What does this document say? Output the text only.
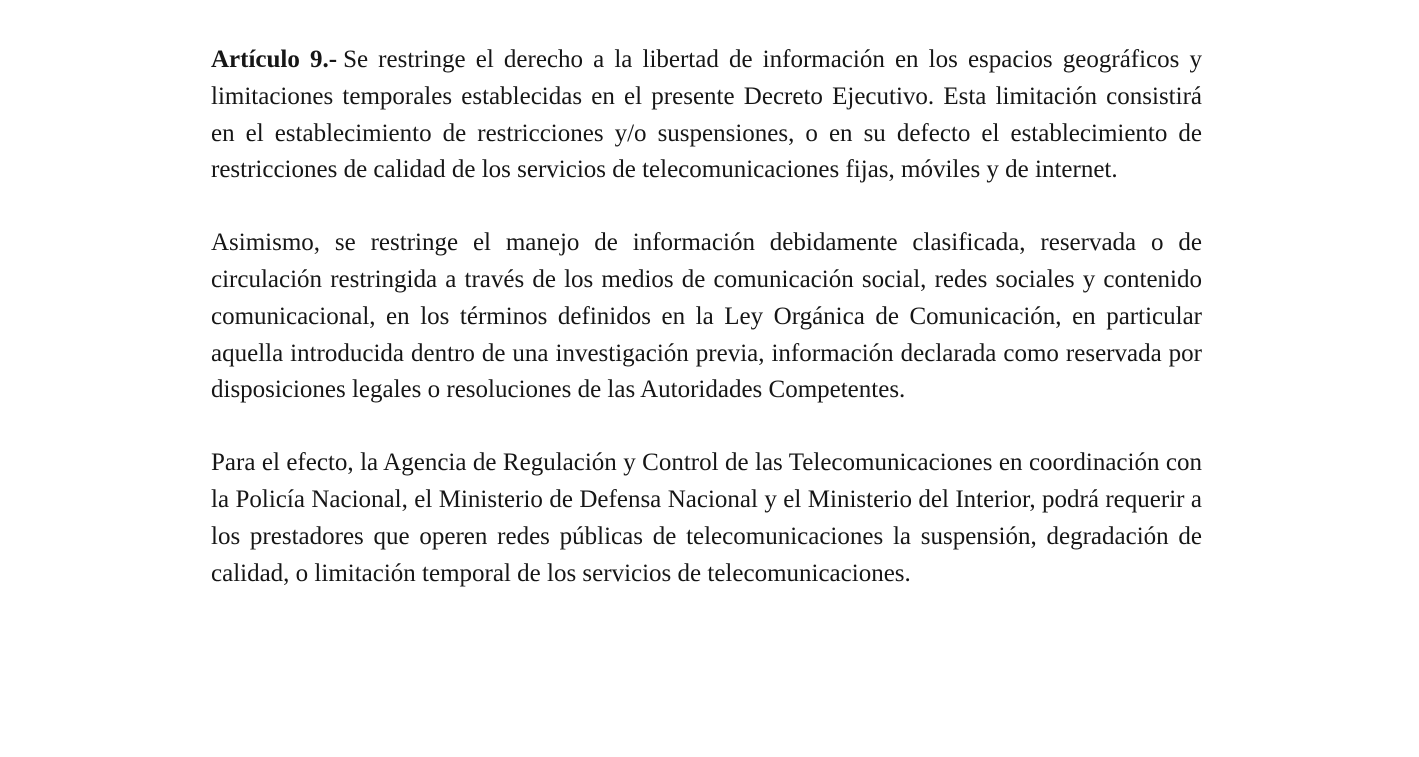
Artículo 9.- Se restringe el derecho a la libertad de información en los espacios geográficos y limitaciones temporales establecidas en el presente Decreto Ejecutivo. Esta limitación consistirá en el establecimiento de restricciones y/o suspensiones, o en su defecto el establecimiento de restricciones de calidad de los servicios de telecomunicaciones fijas, móviles y de internet.

Asimismo, se restringe el manejo de información debidamente clasificada, reservada o de circulación restringida a través de los medios de comunicación social, redes sociales y contenido comunicacional, en los términos definidos en la Ley Orgánica de Comunicación, en particular aquella introducida dentro de una investigación previa, información declarada como reservada por disposiciones legales o resoluciones de las Autoridades Competentes.

Para el efecto, la Agencia de Regulación y Control de las Telecomunicaciones en coordinación con la Policía Nacional, el Ministerio de Defensa Nacional y el Ministerio del Interior, podrá requerir a los prestadores que operen redes públicas de telecomunicaciones la suspensión, degradación de calidad, o limitación temporal de los servicios de telecomunicaciones.
